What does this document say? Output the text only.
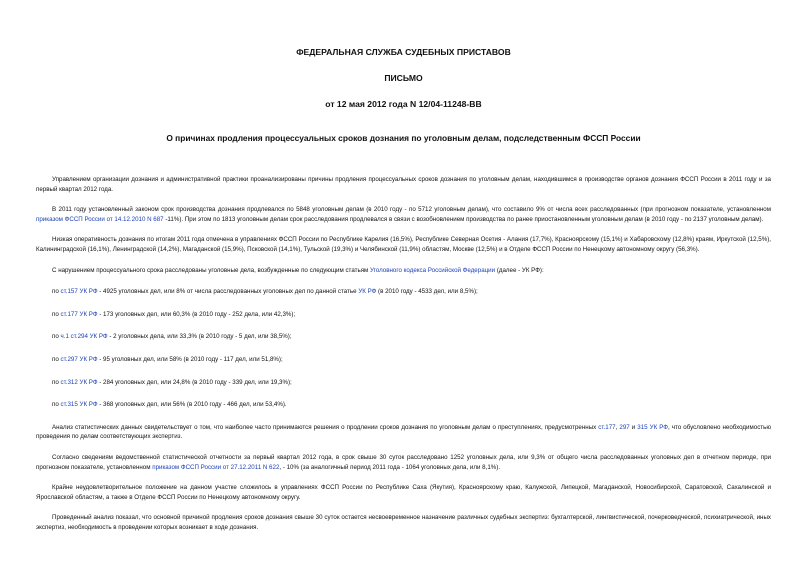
ФЕДЕРАЛЬНАЯ СЛУЖБА СУДЕБНЫХ ПРИСТАВОВ
ПИСЬМО
от 12 мая 2012 года N 12/04-11248-ВВ
О причинах продления процессуальных сроков дознания по уголовным делам, подследственным ФССП России

Управлением организации дознания и административной практики проанализированы причины продления процессуальных сроков дознания по уголовным делам, находившимся в производстве органов дознания ФССП России в 2011 году и за первый квартал 2012 года.

В 2011 году установленный законом срок производства дознания продлевался по 5848 уголовным делам (в 2010 году - по 5712 уголовным делам), что составило 9% от числа всех расследованных (при прогнозном показателе, установленном приказом ФССП России от 14.12.2010 N 687 -11%). При этом по 1813 уголовным делам срок расследования продлевался в связи с возобновлением производства по ранее приостановленным уголовным делам (в 2010 году - по 2137 уголовным делам).

Низкая оперативность дознания по итогам 2011 года отмечена в управлениях ФССП России по Республике Карелия (16,5%), Республике Северная Осетия - Алания (17,7%), Красноярскому (15,1%) и Хабаровскому (12,8%) краям, Иркутской (12,5%), Калининградской (16,1%), Ленинградской (14,2%), Магаданской (15,9%), Псковской (14,1%), Тульской (19,3%) и Челябинской (11,9%) областям, Москве (12,5%) и в Отделе ФССП России по Ненецкому автономному округу (56,3%).

С нарушением процессуального срока расследованы уголовные дела, возбужденные по следующим статьям Уголовного кодекса Российской Федерации (далее - УК РФ):

по ст.157 УК РФ - 4925 уголовных дел, или 8% от числа расследованных уголовных дел по данной статье УК РФ (в 2010 году - 4533 дел, или 8,5%);

по ст.177 УК РФ - 173 уголовных дел, или 60,3% (в 2010 году - 252 дела, или 42,3%);

по ч.1 ст.294 УК РФ - 2 уголовных дела, или 33,3% (в 2010 году - 5 дел, или 38,5%);

по ст.297 УК РФ - 95 уголовных дел, или 58% (в 2010 году - 117 дел, или 51,8%);

по ст.312 УК РФ - 284 уголовных дел, или 24,8% (в 2010 году - 339 дел, или 19,3%);

по ст.315 УК РФ - 368 уголовных дел, или 56% (в 2010 году - 466 дел, или 53,4%).

Анализ статистических данных свидетельствует о том, что наиболее часто принимаются решения о продлении сроков дознания по уголовным делам о преступлениях, предусмотренных ст.177, 297 и 315 УК РФ, что обусловлено необходимостью проведения по делам соответствующих экспертиз.

Согласно сведениям ведомственной статистической отчетности за первый квартал 2012 года, в срок свыше 30 суток расследовано 1252 уголовных дела, или 9,3% от общего числа расследованных уголовных дел в отчетном периоде, при прогнозном показателе, установленном приказом ФССП России от 27.12.2011 N 622, - 10% (за аналогичный период 2011 года - 1064 уголовных дела, или 8,1%).

Крайне неудовлетворительное положение на данном участке сложилось в управлениях ФССП России по Республике Саха (Якутия), Красноярскому краю, Калужской, Липецкой, Магаданской, Новосибирской, Саратовской, Сахалинской и Ярославской областям, а также в Отделе ФССП России по Ненецкому автономному округу.

Проведенный анализ показал, что основной причиной продления сроков дознания свыше 30 суток остается несвоевременное назначение различных судебных экспертиз: бухгалтерской, лингвистической, почерковедческой, психиатрической, иных экспертиз, необходимость в проведении которых возникает в ходе дознания.
